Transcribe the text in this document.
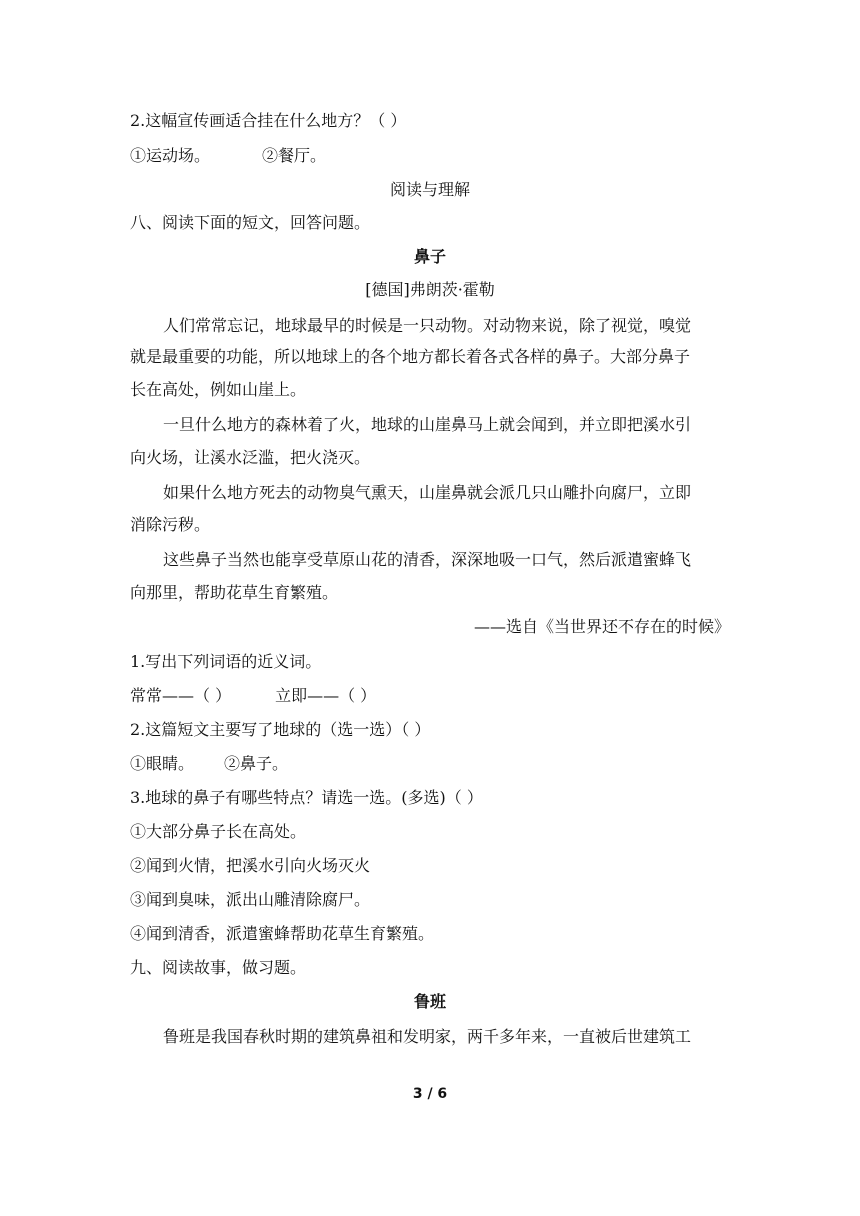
2.这幅宣传画适合挂在什么地方？（ ）
①运动场。	②餐厅。
阅读与理解
八、阅读下面的短文，回答问题。
鼻子
[德国]弗朗茨·霍勒
人们常常忘记，地球最早的时候是一只动物。对动物来说，除了视觉，嗅觉
就是最重要的功能，所以地球上的各个地方都长着各式各样的鼻子。大部分鼻子
长在高处，例如山崖上。
一旦什么地方的森林着了火，地球的山崖鼻马上就会闻到，并立即把溪水引
向火场，让溪水泛滥，把火浇灭。
如果什么地方死去的动物臭气熏天，山崖鼻就会派几只山雕扑向腐尸，立即
消除污秽。
这些鼻子当然也能享受草原山花的清香，深深地吸一口气，然后派遣蜜蜂飞
向那里，帮助花草生育繁殖。
——选自《当世界还不存在的时候》
1.写出下列词语的近义词。
常常——（ ）	立即——（ ）
2.这篇短文主要写了地球的（选一选）（ ）
①眼睛。 ②鼻子。
3.地球的鼻子有哪些特点？请选一选。(多选)（ ）
①大部分鼻子长在高处。
②闻到火情，把溪水引向火场灭火
③闻到臭味，派出山雕清除腐尸。
④闻到清香，派遣蜜蜂帮助花草生育繁殖。
九、阅读故事，做习题。
鲁班
鲁班是我国春秋时期的建筑鼻祖和发明家，两千多年来，一直被后世建筑工
3 / 6
